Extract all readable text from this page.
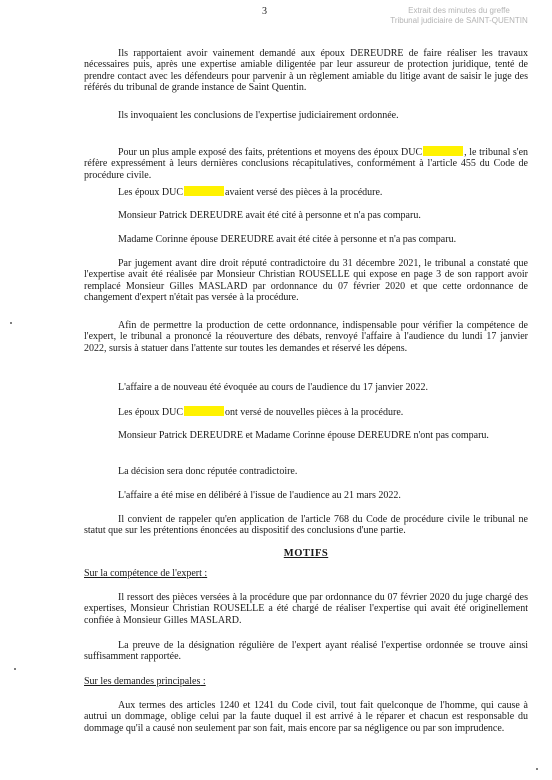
3	Extrait des minutes du greffe
Tribunal judiciaire de SAINT-QUENTIN

Ils rapportaient avoir vainement demandé aux époux DEREUDRE de faire réaliser les travaux nécessaires puis, après une expertise amiable diligentée par leur assureur de protection juridique, tenté de prendre contact avec les défendeurs pour parvenir à un règlement amiable du litige avant de saisir le juge des référés du tribunal de grande instance de Saint Quentin.

Ils invoquaient les conclusions de l'expertise judiciairement ordonnée.

Pour un plus ample exposé des faits, prétentions et moyens des époux DUC	, le tribunal s'en réfère expressément à leurs dernières conclusions récapitulatives, conformément à l'article 455 du Code de procédure civile.

Les époux DUC	avaient versé des pièces à la procédure.

Monsieur Patrick DEREUDRE avait été cité à personne et n'a pas comparu.

Madame Corinne épouse DEREUDRE avait été citée à personne et n'a pas comparu.

Par jugement avant dire droit réputé contradictoire du 31 décembre 2021, le tribunal a constaté que l'expertise avait été réalisée par Monsieur Christian ROUSELLE qui expose en page 3 de son rapport avoir remplacé Monsieur Gilles MASLARD par ordonnance du 07 février 2020 et que cette ordonnance de changement d'expert n'était pas versée à la procédure.

Afin de permettre la production de cette ordonnance, indispensable pour vérifier la compétence de l'expert, le tribunal a prononcé la réouverture des débats, renvoyé l'affaire à l'audience du lundi 17 janvier 2022, sursis à statuer dans l'attente sur toutes les demandes et réservé les dépens.

L'affaire a de nouveau été évoquée au cours de l'audience du 17 janvier 2022.

Les époux DUC	ont versé de nouvelles pièces à la procédure.

Monsieur Patrick DEREUDRE et Madame Corinne épouse DEREUDRE n'ont pas comparu.

La décision sera donc réputée contradictoire.

L'affaire a été mise en délibéré à l'issue de l'audience au 21 mars 2022.

Il convient de rappeler qu'en application de l'article 768 du Code de procédure civile le tribunal ne statut que sur les prétentions énoncées au dispositif des conclusions d'une partie.

MOTIFS

Sur la compétence de l'expert :

Il ressort des pièces versées à la procédure que par ordonnance du 07 février 2020 du juge chargé des expertises, Monsieur Christian ROUSELLE a été chargé de réaliser l'expertise qui avait été originellement confiée à Monsieur Gilles MASLARD.

La preuve de la désignation régulière de l'expert ayant réalisé l'expertise ordonnée se trouve ainsi suffisamment rapportée.

Sur les demandes principales :

Aux termes des articles 1240 et 1241 du Code civil, tout fait quelconque de l'homme, qui cause à autrui un dommage, oblige celui par la faute duquel il est arrivé à le réparer et chacun est responsable du dommage qu'il a causé non seulement par son fait, mais encore par sa négligence ou par son imprudence.
